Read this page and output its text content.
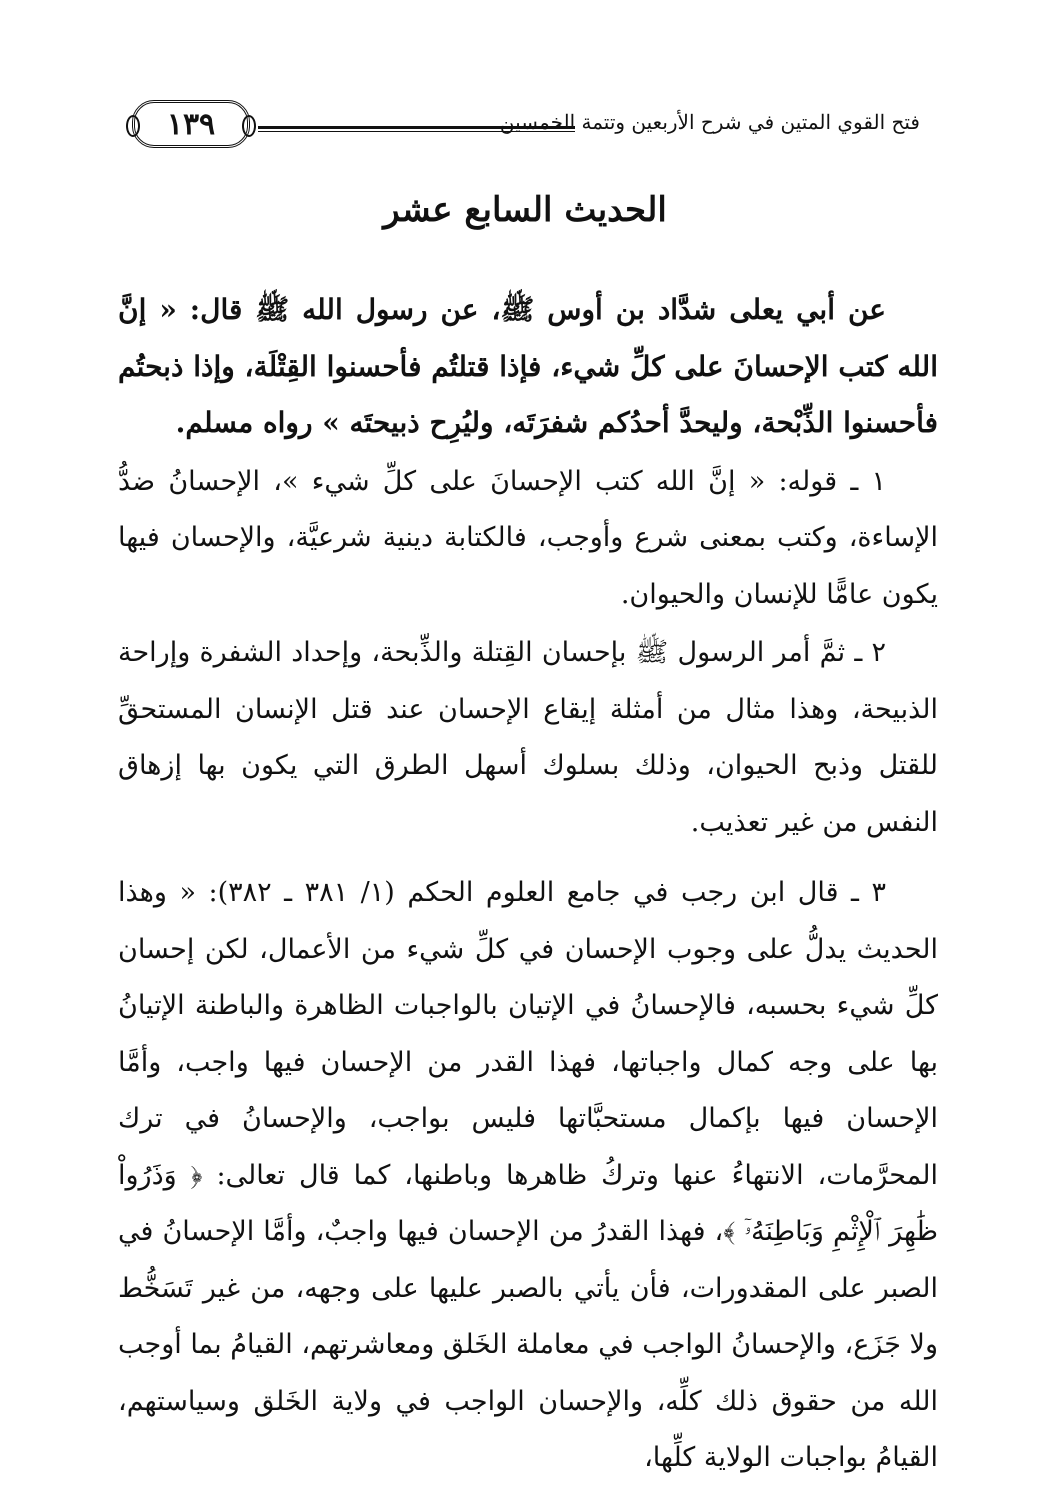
فتح القوي المتين في شرح الأربعين وتتمة الخمسين
١٣٩
الحديث السابع عشر

عن أبي يعلى شدَّاد بن أوس ﷺ، عن رسول الله ﷺ قال: « إنَّ الله كتب الإحسانَ على كلِّ شيء، فإذا قتلتُم فأحسنوا القِتْلَة، وإذا ذبحتُم فأحسنوا الذِّبْحة، وليحدَّ أحدُكم شفرَتَه، وليُرِح ذبيحتَه » رواه مسلم.

١ ـ قوله: « إنَّ الله كتب الإحسانَ على كلِّ شيء »، الإحسانُ ضدُّ الإساءة، وكتب بمعنى شرع وأوجب، فالكتابة دينية شرعيَّة، والإحسان فيها يكون عامًّا للإنسان والحيوان.

٢ ـ ثمَّ أمر الرسول ﷺ بإحسان القِتلة والذِّبحة، وإحداد الشفرة وإراحة الذبيحة، وهذا مثال من أمثلة إيقاع الإحسان عند قتل الإنسان المستحقِّ للقتل وذبح الحيوان، وذلك بسلوك أسهل الطرق التي يكون بها إزهاق النفس من غير تعذيب.

٣ ـ قال ابن رجب في جامع العلوم الحكم (١/ ٣٨١ ـ ٣٨٢): « وهذا الحديث يدلُّ على وجوب الإحسان في كلِّ شيء من الأعمال، لكن إحسان كلِّ شيء بحسبه، فالإحسانُ في الإتيان بالواجبات الظاهرة والباطنة الإتيانُ بها على وجه كمال واجباتها، فهذا القدر من الإحسان فيها واجب، وأمَّا الإحسان فيها بإكمال مستحبَّاتها فليس بواجب، والإحسانُ في ترك المحرَّمات، الانتهاءُ عنها وتركُ ظاهرها وباطنها، كما قال تعالى: ﴿ وَذَرُواْ ظَٰهِرَ ٱلْإِثْمِ وَبَاطِنَهُۥٓ ﴾، فهذا القدرُ من الإحسان فيها واجبٌ، وأمَّا الإحسانُ في الصبر على المقدورات، فأن يأتي بالصبر عليها على وجهه، من غير تَسَخُّط ولا جَزَع، والإحسانُ الواجب في معاملة الخَلق ومعاشرتهم، القيامُ بما أوجب الله من حقوق ذلك كلِّه، والإحسان الواجب في ولاية الخَلق وسياستهم، القيامُ بواجبات الولاية كلِّها،
